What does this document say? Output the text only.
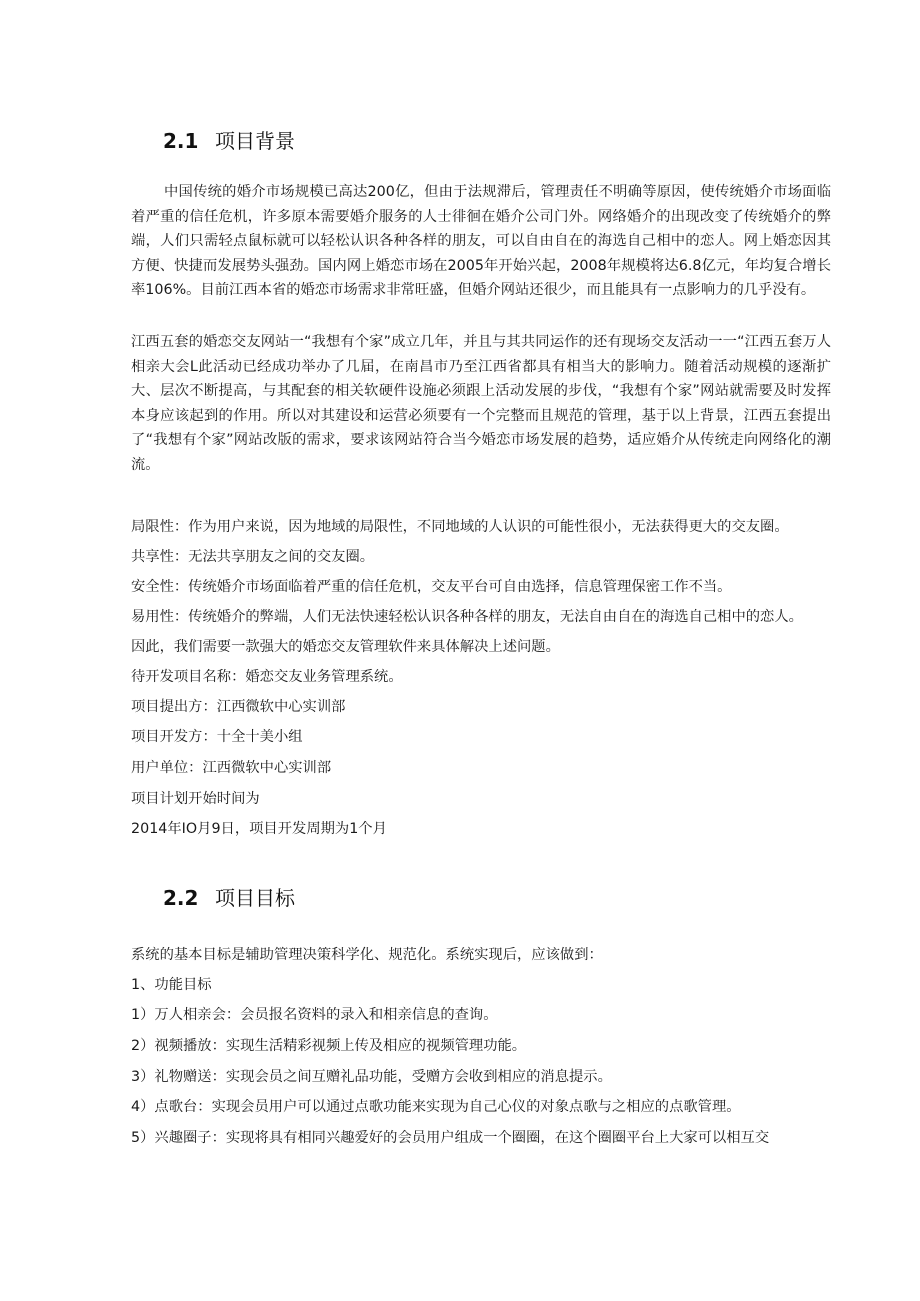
2.1 项目背景

中国传统的婚介市场规模已高达200亿，但由于法规滞后，管理责任不明确等原因，使传统婚介市场面临着严重的信任危机，许多原本需要婚介服务的人士徘徊在婚介公司门外。网络婚介的出现改变了传统婚介的弊端，人们只需轻点鼠标就可以轻松认识各种各样的朋友，可以自由自在的海选自己相中的恋人。网上婚恋因其方便、快捷而发展势头强劲。国内网上婚恋市场在2005年开始兴起，2008年规模将达6.8亿元，年均复合增长率106%。目前江西本省的婚恋市场需求非常旺盛，但婚介网站还很少，而且能具有一点影响力的几乎没有。

江西五套的婚恋交友网站一“我想有个家”成立几年，并且与其共同运作的还有现场交友活动一一“江西五套万人相亲大会L此活动已经成功举办了几届，在南昌市乃至江西省都具有相当大的影响力。随着活动规模的逐渐扩大、层次不断提高，与其配套的相关软硬件设施必须跟上活动发展的步伐，“我想有个家”网站就需要及时发挥本身应该起到的作用。所以对其建设和运营必须要有一个完整而且规范的管理，基于以上背景，江西五套提出了“我想有个家”网站改版的需求，要求该网站符合当今婚恋市场发展的趋势，适应婚介从传统走向网络化的潮流。

局限性：作为用户来说，因为地域的局限性，不同地域的人认识的可能性很小，无法获得更大的交友圈。

共享性：无法共享朋友之间的交友圈。

安全性：传统婚介市场面临着严重的信任危机，交友平台可自由选择，信息管理保密工作不当。

易用性：传统婚介的弊端，人们无法快速轻松认识各种各样的朋友，无法自由自在的海选自己相中的恋人。

因此，我们需要一款强大的婚恋交友管理软件来具体解决上述问题。

待开发项目名称：婚恋交友业务管理系统。

项目提出方：江西微软中心实训部

项目开发方：十全十美小组

用户单位：江西微软中心实训部

项目计划开始时间为

2014年IO月9日，项目开发周期为1个月

2.2 项目目标

系统的基本目标是辅助管理决策科学化、规范化。系统实现后，应该做到：

1、功能目标

1）万人相亲会：会员报名资料的录入和相亲信息的查询。

2）视频播放：实现生活精彩视频上传及相应的视频管理功能。

3）礼物赠送：实现会员之间互赠礼品功能，受赠方会收到相应的消息提示。

4）点歌台：实现会员用户可以通过点歌功能来实现为自己心仪的对象点歌与之相应的点歌管理。

5）兴趣圈子：实现将具有相同兴趣爱好的会员用户组成一个圈圈，在这个圈圈平台上大家可以相互交
